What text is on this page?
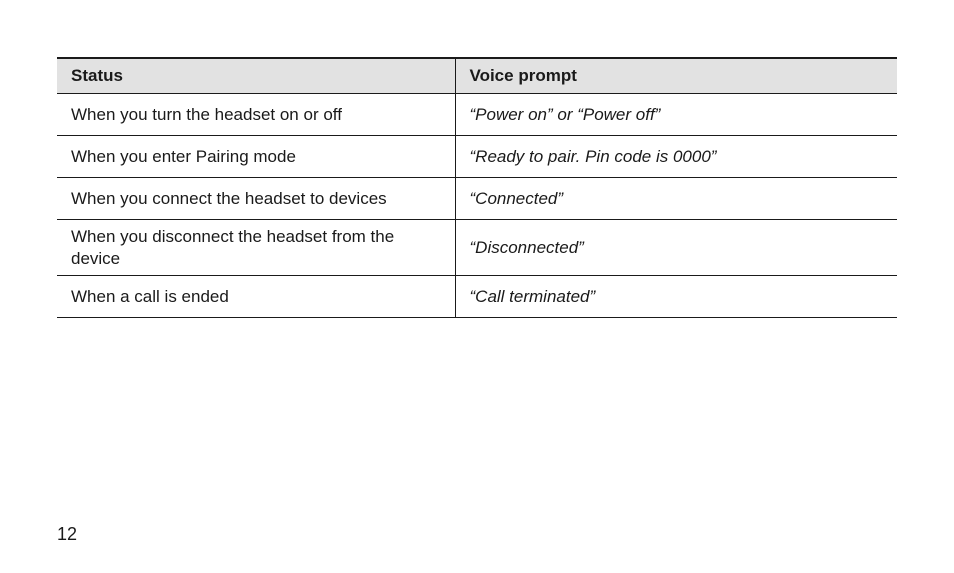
Status	Voice prompt
When you turn the headset on or off	“Power on” or “Power off”
When you enter Pairing mode	“Ready to pair. Pin code is 0000”
When you connect the headset to devices	“Connected”
When you disconnect the headset from the device	“Disconnected”
When a call is ended	“Call terminated”
12
